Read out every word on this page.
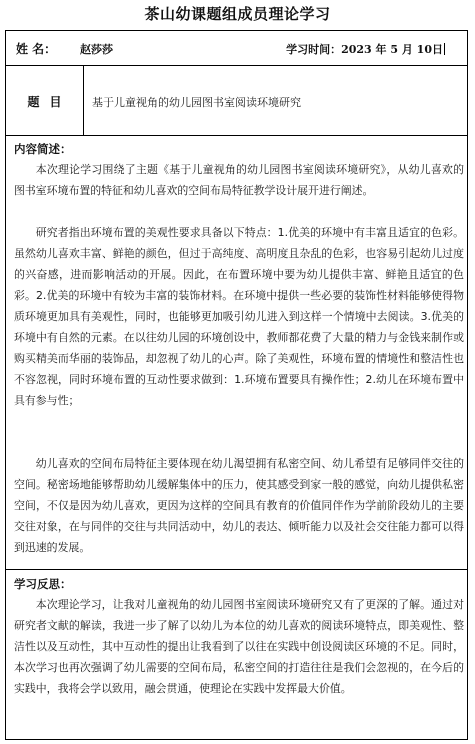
茶山幼课题组成员理论学习
姓 名： 赵莎莎	学习时间：2023 年 5 月 10日
题目	基于儿童视角的幼儿园图书室阅读环境研究
内容简述：

本次理论学习围绕了主题《基于儿童视角的幼儿园图书室阅读环境研究》，从幼儿喜欢的图书室环境布置的特征和幼儿喜欢的空间布局特征教学设计展开进行阐述。

研究者指出环境布置的美观性要求具备以下特点：1.优美的环境中有丰富且适宜的色彩。虽然幼儿喜欢丰富、鲜艳的颜色，但过于高纯度、高明度且杂乱的色彩，也容易引起幼儿过度的兴奋感，进而影响活动的开展。因此，在布置环境中要为幼儿提供丰富、鲜艳且适宜的色彩。2.优美的环境中有较为丰富的装饰材料。在环境中提供一些必要的装饰性材料能够使得物质环境更加具有美观性，同时，也能够更加吸引幼儿进入到这样一个情境中去阅读。3.优美的环境中有自然的元素。在以往幼儿园的环境创设中，教师都花费了大量的精力与金钱来制作或购买精美而华丽的装饰品，却忽视了幼儿的心声。除了美观性，环境布置的情境性和整洁性也不容忽视，同时环境布置的互动性要求做到：1.环境布置要具有操作性；2.幼儿在环境布置中具有参与性；

幼儿喜欢的空间布局特征主要体现在幼儿渴望拥有私密空间、幼儿希望有足够同伴交往的空间。秘密场地能够帮助幼儿缓解集体中的压力，使其感受到家一般的感觉，向幼儿提供私密空间，不仅是因为幼儿喜欢，更因为这样的空间具有教育的价值同伴作为学前阶段幼儿的主要交往对象，在与同伴的交往与共同活动中，幼儿的表达、倾听能力以及社会交往能力都可以得到迅速的发展。

学习反思：

本次理论学习，让我对儿童视角的幼儿园图书室阅读环境研究又有了更深的了解。通过对研究者文献的解读，我进一步了解了以幼儿为本位的幼儿喜欢的阅读环境特点，即美观性、整洁性以及互动性，其中互动性的提出让我看到了以往在实践中创设阅读区环境的不足。同时，本次学习也再次强调了幼儿需要的空间布局，私密空间的打造往往是我们会忽视的，在今后的实践中，我将会学以致用，融会贯通，使理论在实践中发挥最大价值。
